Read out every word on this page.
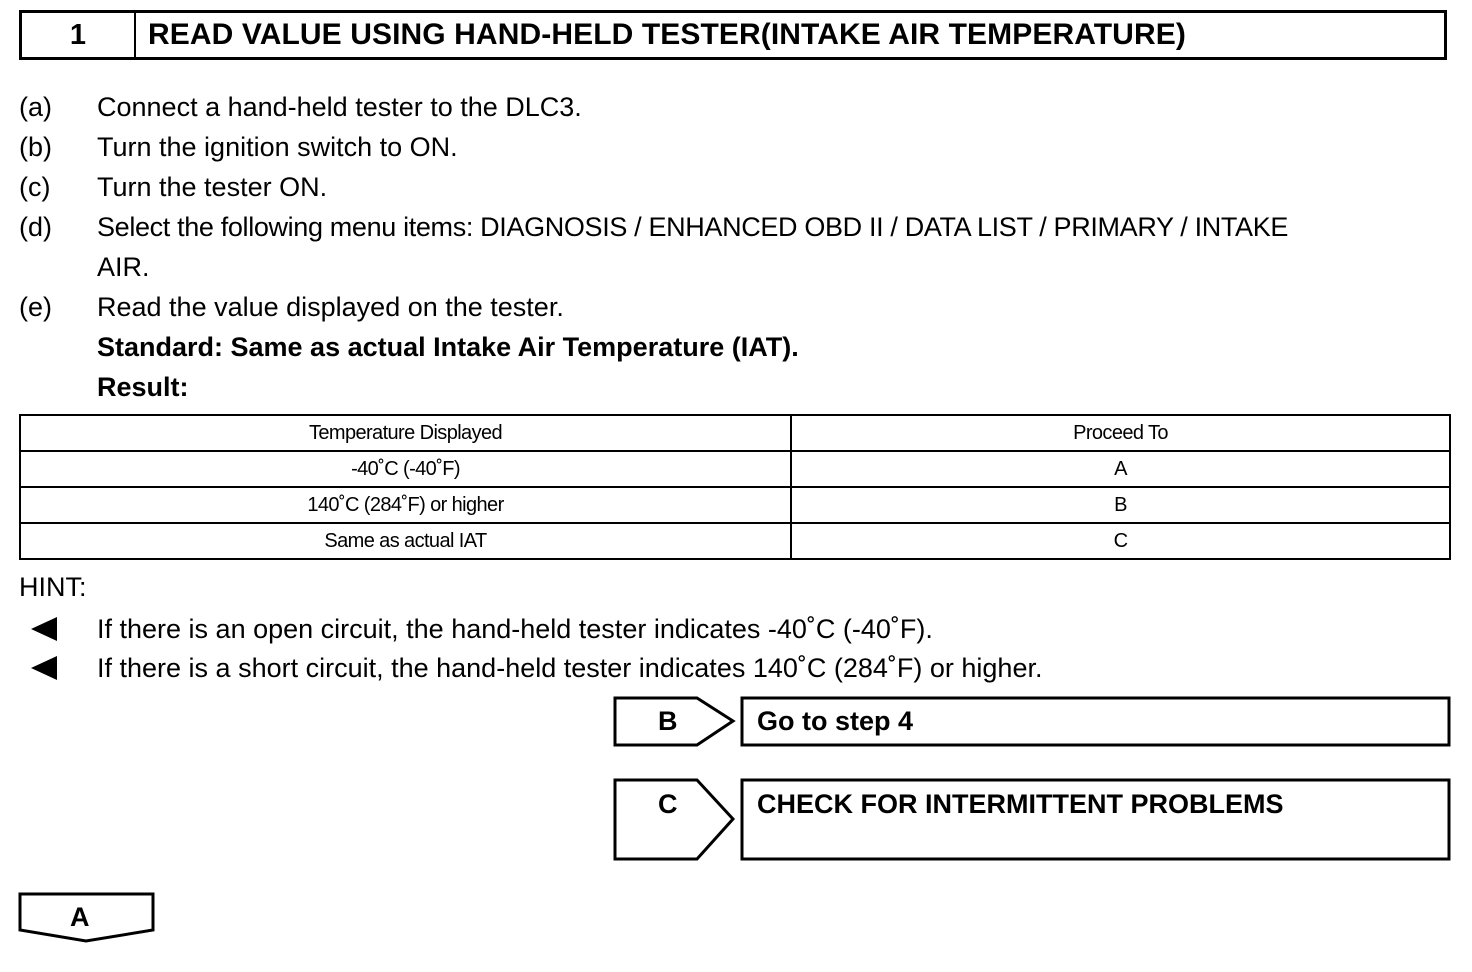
1	READ VALUE USING HAND-HELD TESTER(INTAKE AIR TEMPERATURE)
(a) Connect a hand-held tester to the DLC3.
(b) Turn the ignition switch to ON.
(c) Turn the tester ON.
(d) Select the following menu items: DIAGNOSIS / ENHANCED OBD II / DATA LIST / PRIMARY / INTAKE
AIR.
(e) Read the value displayed on the tester.
Standard: Same as actual Intake Air Temperature (IAT).
Result:
Temperature Displayed	Proceed To
-40˚C (-40˚F)	A
140˚C (284˚F) or higher	B
Same as actual IAT	C
HINT:
If there is an open circuit, the hand-held tester indicates -40˚C (-40˚F).
If there is a short circuit, the hand-held tester indicates 140˚C (284˚F) or higher.
B	Go to step 4
C	CHECK FOR INTERMITTENT PROBLEMS
A
